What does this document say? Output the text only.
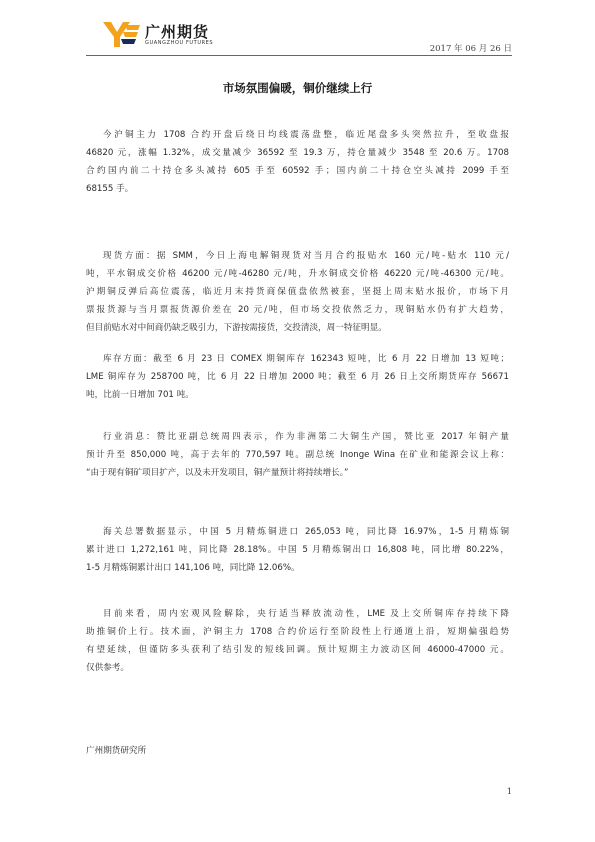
广州期货
GUANGZHOU FUTURES
2017 年 06 月 26 日
市场氛围偏暖，铜价继续上行
今沪铜主力 1708 合约开盘后绕日均线震荡盘整，临近尾盘多头突然拉升，至收盘报
46820 元，涨幅 1.32%，成交量减少 36592 至 19.3 万，持仓量减少 3548 至 20.6 万。1708
合约国内前二十持仓多头减持 605 手至 60592 手；国内前二十持仓空头减持 2099 手至
68155 手。
现货方面：据 SMM，今日上海电解铜现货对当月合约报贴水 160 元/吨-贴水 110 元/
吨，平水铜成交价格 46200 元/吨-46280 元/吨，升水铜成交价格 46220 元/吨-46300 元/吨。
沪期铜反弹后高位震荡，临近月末持货商保值盘依然被套，坚挺上周末贴水报价，市场下月
票报货源与当月票报货源价差在 20 元/吨，但市场交投依然乏力，现铜贴水仍有扩大趋势，
但目前贴水对中间商仍缺乏吸引力，下游按需接货，交投清淡，周一特征明显。
库存方面：截至 6 月 23 日 COMEX 期铜库存 162343 短吨，比 6 月 22 日增加 13 短吨；
LME 铜库存为 258700 吨，比 6 月 22 日增加 2000 吨；截至 6 月 26 日上交所期货库存 56671
吨，比前一日增加 701 吨。
行业消息：赞比亚副总统周四表示，作为非洲第二大铜生产国，赞比亚 2017 年铜产量
预计升至 850,000 吨，高于去年的 770,597 吨。副总统 Inonge Wina 在矿业和能源会议上称：
“由于现有铜矿项目扩产，以及未开发项目，铜产量预计将持续增长。”
海关总署数据显示，中国 5 月精炼铜进口 265,053 吨，同比降 16.97%，1-5 月精炼铜
累计进口 1,272,161 吨，同比降 28.18%。中国 5 月精炼铜出口 16,808 吨，同比增 80.22%，
1-5 月精炼铜累计出口 141,106 吨，同比降 12.06%。
目前来看，周内宏观风险解除，央行适当释放流动性，LME 及上交所铜库存持续下降
助推铜价上行。技术面，沪铜主力 1708 合约价运行至阶段性上行通道上沿，短期偏强趋势
有望延续，但谨防多头获利了结引发的短线回调。预计短期主力波动区间 46000-47000 元。
仅供参考。
广州期货研究所
1
